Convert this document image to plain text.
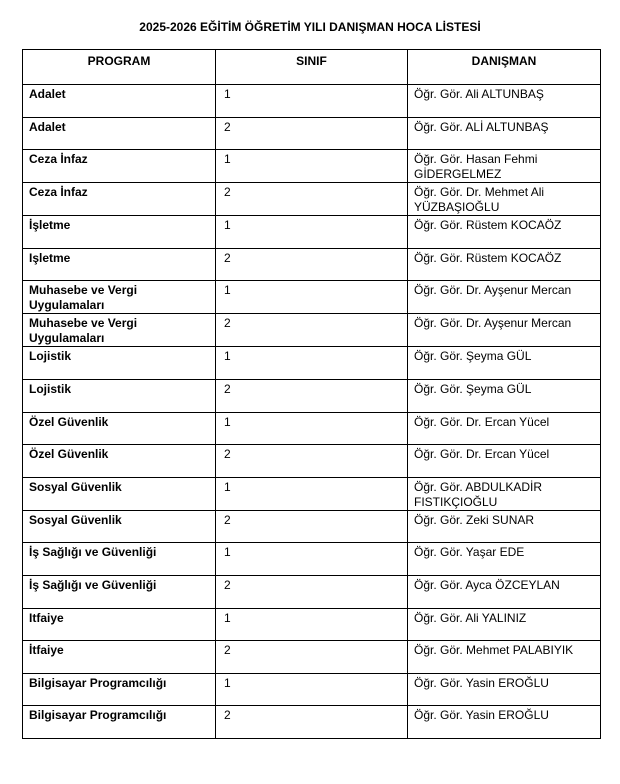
2025-2026 EĞİTİM ÖĞRETİM YILI DANIŞMAN HOCA LİSTESİ
PROGRAM	SINIF	DANIŞMAN
Adalet	1	Öğr. Gör. Ali ALTUNBAŞ
Adalet	2	Öğr. Gör. ALİ ALTUNBAŞ
Ceza İnfaz	1	Öğr. Gör. Hasan Fehmi GİDERGELMEZ
Ceza İnfaz	2	Öğr. Gör. Dr. Mehmet Ali YÜZBAŞIOĞLU
İşletme	1	Öğr. Gör. Rüstem KOCAÖZ
Işletme	2	Öğr. Gör. Rüstem KOCAÖZ
Muhasebe ve Vergi Uygulamaları	1	Öğr. Gör. Dr. Ayşenur Mercan
Muhasebe ve Vergi Uygulamaları	2	Öğr. Gör. Dr. Ayşenur Mercan
Lojistik	1	Öğr. Gör. Şeyma GÜL
Lojistik	2	Öğr. Gör. Şeyma GÜL
Özel Güvenlik	1	Öğr. Gör. Dr. Ercan Yücel
Özel Güvenlik	2	Öğr. Gör. Dr. Ercan Yücel
Sosyal Güvenlik	1	Öğr. Gör. ABDULKADİR FISTIKÇIOĞLU
Sosyal Güvenlik	2	Öğr. Gör. Zeki SUNAR
İş Sağlığı ve Güvenliği	1	Öğr. Gör. Yaşar EDE
İş Sağlığı ve Güvenliği	2	Öğr. Gör. Ayca ÖZCEYLAN
Itfaiye	1	Öğr. Gör. Ali YALINIZ
İtfaiye	2	Öğr. Gör. Mehmet PALABIYIK
Bilgisayar Programcılığı	1	Öğr. Gör. Yasin EROĞLU
Bilgisayar Programcılığı	2	Öğr. Gör. Yasin EROĞLU
